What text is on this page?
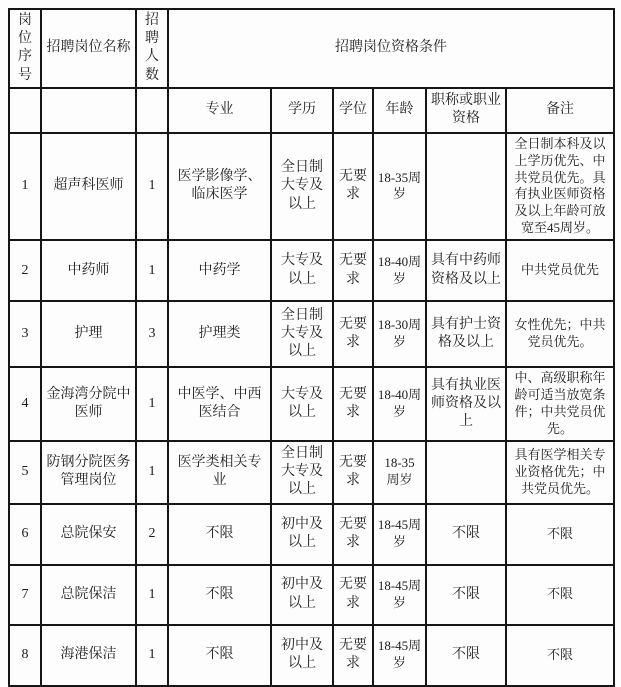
岗位序号	招聘岗位名称	招聘人数	招聘岗位资格条件					
			专业	学历	学位	年龄	职称或职业资格	备注
1	超声科医师	1	医学影像学、临床医学	全日制大专及以上	无要求	18-35周岁		全日制本科及以上学历优先、中共党员优先。具有执业医师资格及以上年龄可放宽至45周岁。
2	中药师	1	中药学	大专及以上	无要求	18-40周岁	具有中药师资格及以上	中共党员优先
3	护理	3	护理类	全日制大专及以上	无要求	18-30周岁	具有护士资格及以上	女性优先；中共党员优先。
4	金海湾分院中医师	1	中医学、中西医结合	大专及以上	无要求	18-40周岁	具有执业医师资格及以上	中、高级职称年龄可适当放宽条件；中共党员优先。
5	防钢分院医务管理岗位	1	医学类相关专业	全日制大专及以上	无要求	18-35 周岁		具有医学相关专业资格优先；中共党员优先。
6	总院保安	2	不限	初中及以上	无要求	18-45周岁	不限	不限
7	总院保洁	1	不限	初中及以上	无要求	18-45周岁	不限	不限
8	海港保洁	1	不限	初中及以上	无要求	18-45周岁	不限	不限
